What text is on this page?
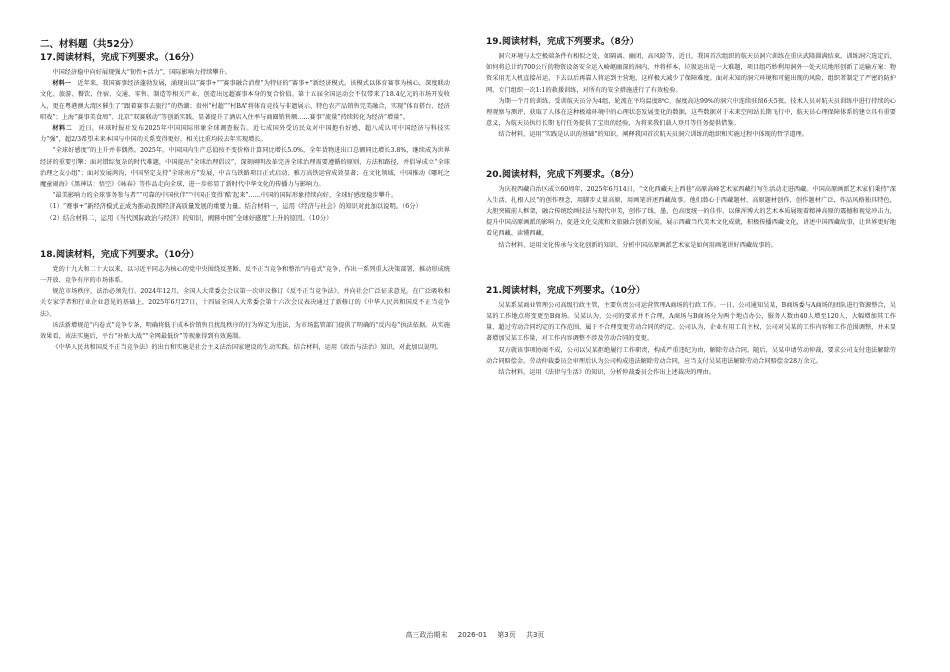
二、材料题（共52分）
17.阅读材料，完成下列要求。（16分）

中国经济稳中向好展现强大“韧性+活力”，国际影响力持续攀升。

材料一  近年来，我国赛事经济蓬勃发展，涌现出以“赛事+”“赛事融合消费”为特征的“赛事+”新经济模式。该模式以体育赛事为核心，深度联动文化、旅游、餐饮、住宿、交通、零售、制造等相关产业，创造出远超赛事本身的复合价值。第十五届全国运动会不仅带来了18.4亿元的市场开发收入，更在粤港澳大湾区催生了“跟着赛事去旅行”的热潮；贵州“村超”“村BA”将体育竞技与非遗展示、特色农产品销售完美融合，实现“体育搭台、经济唱戏”；上海“赛事美食周”、北京“双赛联动”等创新实践，显著提升了酒店入住率与商圈销售额……赛事“流量”持续转化为经济“增量”。

材料二  近日，环球时报社发布2025年中国国际形象全球调查报告。近七成国外受访民众对中国抱有好感，超八成认可中国经济与科技实力“强”，超2/3希望未来本国与中国的关系变得更好，相关比重均较去年实现增长。

“全球好感度”的上升并非偶然。2025年，中国国内生产总值按不变价格计算同比增长5.0%，全年货物进出口总额同比增长3.8%，继续成为世界经济的重要引擎；面对错综复杂的时代难题，中国提出“全球治理倡议”，深刻阐明改革完善全球治理需要遵循的原则、方法和路径，并倡导成立“全球治理之友小组”；面对发展鸿沟，中国坚定支持“全球南方”发展，中吉乌铁路项目正式启动、雅万高铁运营成效显著；在文化领域，中国推动《哪吒之魔童闹海》《黑神话：悟空》《咏春》等作品走向全球，进一步彰显了新时代中华文化的传播力与影响力。

“最美影响力的全球事务参与者”“可靠的中国伙伴”“中国正变得‘酷’起来”……中国的国际形象持续向好，全球好感度稳步攀升。

（1）“赛事+”新经济模式正成为推动我国经济高质量发展的重要力量。结合材料一，运用《经济与社会》的知识对此加以说明。（6分）

（2）结合材料二，运用《当代国际政治与经济》的知识，阐释中国“全球好感度”上升的原因。（10分）

18.阅读材料，完成下列要求。（10分）

党的十九大和二十大以来，以习近平同志为核心的党中央围绕反垄断、反不正当竞争和整治“内卷式”竞争，作出一系列重大决策部署，推动形成统一开放、竞争有序的市场体系。

规范市场秩序，法治必须先行。2024年12月，全国人大常委会会议第一次审议修订《反不正当竞争法》，并向社会广泛征求意见。在广泛吸收相关专家学者和行业企业意见的基础上，2025年6月27日，十四届全国人大常委会第十六次会议表决通过了新修订的《中华人民共和国反不正当竞争法》。

该法新增规范“内卷式”竞争专条，明确将低于成本价销售且扰乱秩序的行为界定为违法，为市场监管部门提供了明确的“反内卷”执法依据。从实施效果看，该法实施后，平台“补贴大战”“全网最低价”等现象得到有效遏制。

《中华人民共和国反不正当竞争法》的出台和实施是社会主义法治国家建设的生动实践。结合材料，运用《政治与法治》知识，对此加以说明。

19.阅读材料，完成下列要求。（8分）

洞穴环境与太空极端条件有相似之处，如隔离、幽闭、高风险等，近日，我国首次组织的航天员洞穴训练在重庆武隆圆满结束。训练洞穴选定后，如何将总计约700公斤的物资设备安全运入崎岖幽深的洞内，并将样本、垃圾运出是一大难题，项目组巧妙利用洞外一处天坑地形创新了运输方案：物资采用无人机直接吊运，下去以后再靠人将运到主营地，这样极大减少了保障难度。面对未知的洞穴环境和可能出现的风险，组织者制定了严密的防护网，专门组织一次1:1的救援训练，对所有的安全措施进行了有效检验。

为期一个月的训练，受训航天员分为4组，轮流在平均温度8℃、湿度高达99%的洞穴中连续驻留6天5夜。技术人员对航天员训练中进行持续的心理观察与测评，获取了人体在这种极端环境中的心理状态发展变化的数据，这些数据对于未来空间站长期飞行中，航天员心理保障体系的建立具有重要意义，为航天员执行长期飞行任务提供了宝贵的经验，为将来我们载人登月等任务提供借鉴。

结合材料，运用“实践是认识的基础”的知识，阐释我国首次航天员洞穴训练的组织和实施过程中体现的哲学道理。

20.阅读材料，完成下列要求。（8分）

为庆祝西藏自治区成立60周年，2025年6月14日，“文化西藏天上西巷”高原高峰艺术家西藏行写生活动走进西藏。中国高原画派艺术家们秉持“深入生活、扎根人民”的创作理念，用脚步丈量高原，用画笔讲述西藏故事。他们潜心于西藏题材、高原题材创作，创作题材广泛，作品风格独具特色，大胆突破前人框架，融合传统绘画技法与现代审美，创作了线、墨、色高度统一的佳作，以催浑博大的艺术本质展现着精神高原的震撼和视觉冲击力，提升中国高原画派的影响力，促进文化交流和文旅融合创新发展，展示西藏当代美术文化成就，积极传播西藏文化，讲述中国西藏故事，让世界更好地看见西藏、读懂西藏。

结合材料，运用文化传承与文化创新的知识，分析中国高原画派艺术家是如何用画笔讲好西藏故事的。

21.阅读材料，完成下列要求。（10分）

吴某系某商业管理公司高级行政主管，主要负责公司运营管理A商场的行政工作。一日，公司通知吴某，B商场委与A商场的团队进行资源整合，吴某的工作地点将变更至B商场。吴某认为，公司的要求并不合理，A商场与B商场分为两个地点办公，服务人数由40人增至120人，大幅增加其工作量，超过劳动合同约定的工作范围，属于不合理变更劳动合同的约定。公司认为，企业有用工自主权，公司对吴某的工作内容和工作范围调整，并未显著增加吴某工作量，对工作内容调整不涉及劳动合同的变更。

双方就该事项协商不成，公司以吴某拒绝履行工作职责，构成严重违纪为由，解除劳动合同。随后，吴某申请劳动仲裁，要求公司支付违法解除劳动合同赔偿金。劳动仲裁委员会审理后认为公司构成违法解除劳动合同，应当支付吴某违法解除劳动合同赔偿金28万余元。

结合材料，运用《法律与生活》的知识，分析仲裁委员会作出上述裁决的理由。

高三政治期末 2026-01 第3页 共3页
